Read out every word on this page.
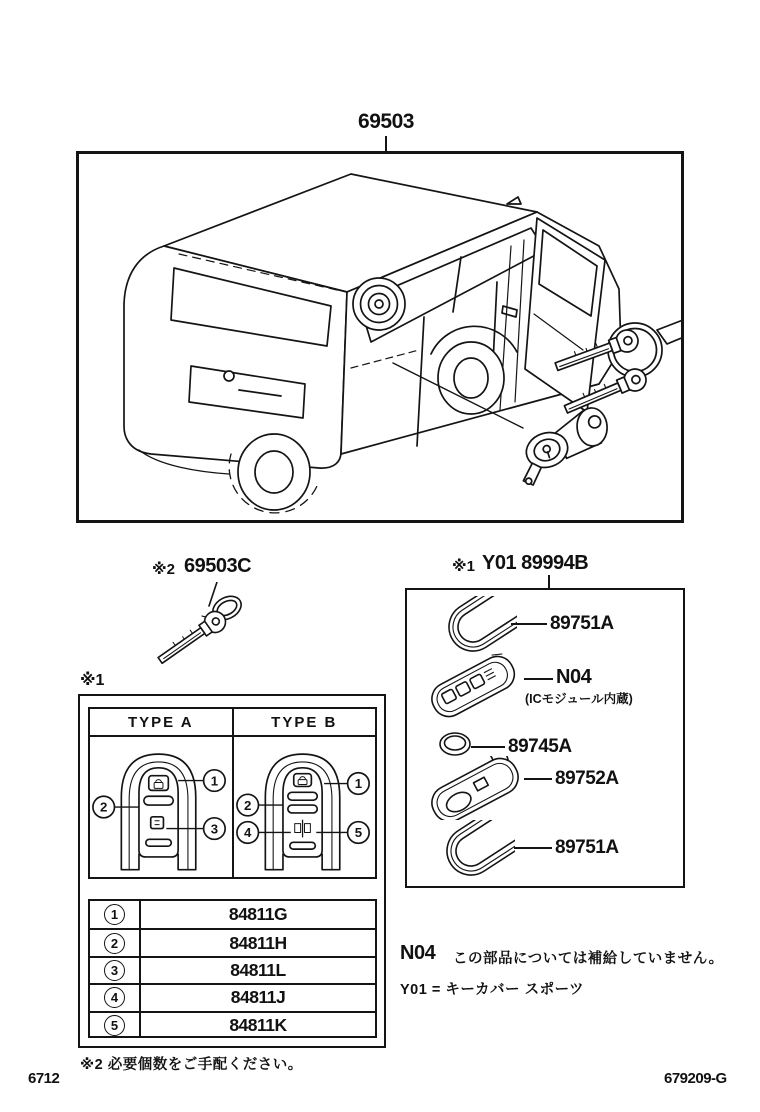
69503
※2 69503C	※1 Y01 89994B
89751A
N04
(ICモジュール内蔵)
89745A
89752A
89751A
※1
TYPE A	TYPE B
1
2
3
1
2
4	5
1	84811G
2	84811H
3	84811L
4	84811J
5	84811K
N04 この部品については補給していません。
Y01 = キーカバー スポーツ
※2 必要個数をご手配ください。
6712	679209-G
